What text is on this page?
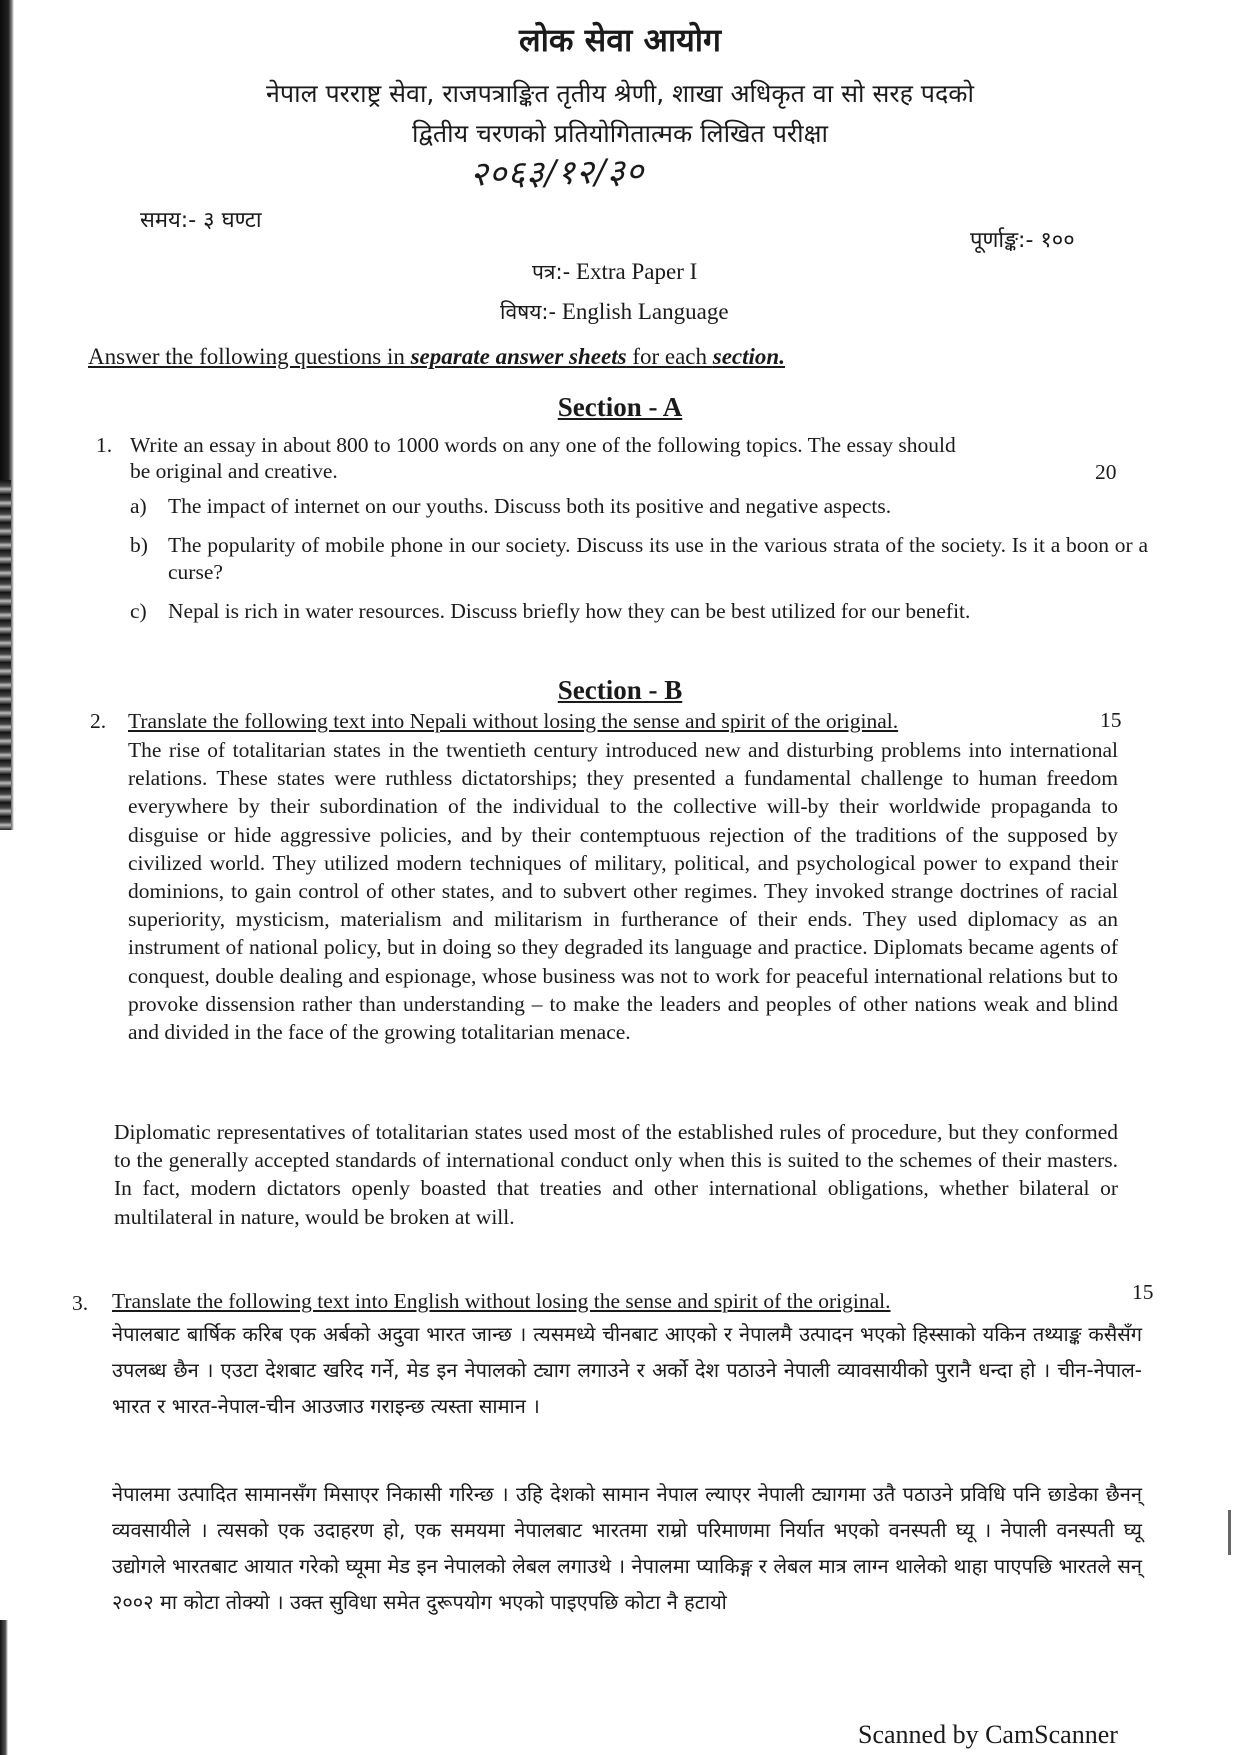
लोक सेवा आयोग
नेपाल परराष्ट्र सेवा, राजपत्राङ्कित तृतीय श्रेणी, शाखा अधिकृत वा सो सरह पदको
द्वितीय चरणको प्रतियोगितात्मक लिखित परीक्षा
२०६३/१२/३०
समय:- ३ घण्टा
पूर्णाङ्क:- १००
पत्र:- Extra Paper I
विषय:- English Language
Answer the following questions in separate answer sheets for each section.
Section - A
1. Write an essay in about 800 to 1000 words on any one of the following topics. The essay should
be original and creative.	20
a) The impact of internet on our youths. Discuss both its positive and negative aspects.
b) The popularity of mobile phone in our society. Discuss its use in the various strata of the society. Is it a boon or a curse?
c) Nepal is rich in water resources. Discuss briefly how they can be best utilized for our benefit.
Section - B
2. Translate the following text into Nepali without losing the sense and spirit of the original.	15
The rise of totalitarian states in the twentieth century introduced new and disturbing problems into international relations. These states were ruthless dictatorships; they presented a fundamental challenge to human freedom everywhere by their subordination of the individual to the collective will-by their worldwide propaganda to disguise or hide aggressive policies, and by their contemptuous rejection of the traditions of the supposed by civilized world. They utilized modern techniques of military, political, and psychological power to expand their dominions, to gain control of other states, and to subvert other regimes. They invoked strange doctrines of racial superiority, mysticism, materialism and militarism in furtherance of their ends. They used diplomacy as an instrument of national policy, but in doing so they degraded its language and practice. Diplomats became agents of conquest, double dealing and espionage, whose business was not to work for peaceful international relations but to provoke dissension rather than understanding – to make the leaders and peoples of other nations weak and blind and divided in the face of the growing totalitarian menace.
Diplomatic representatives of totalitarian states used most of the established rules of procedure, but they conformed to the generally accepted standards of international conduct only when this is suited to the schemes of their masters. In fact, modern dictators openly boasted that treaties and other international obligations, whether bilateral or multilateral in nature, would be broken at will.
3. Translate the following text into English without losing the sense and spirit of the original.	15
नेपालबाट बार्षिक करिब एक अर्बको अदुवा भारत जान्छ । त्यसमध्ये चीनबाट आएको र नेपालमै उत्पादन भएको हिस्साको यकिन तथ्याङ्क कसैसँग उपलब्ध छैन । एउटा देशबाट खरिद गर्ने, मेड इन नेपालको ट्याग लगाउने र अर्को देश पठाउने नेपाली व्यावसायीको पुरानै धन्दा हो । चीन-नेपाल-भारत र भारत-नेपाल-चीन आउजाउ गराइन्छ त्यस्ता सामान ।
नेपालमा उत्पादित सामानसँग मिसाएर निकासी गरिन्छ । उहि देशको सामान नेपाल ल्याएर नेपाली ट्यागमा उतै पठाउने प्रविधि पनि छाडेका छैनन् व्यवसायीले । त्यसको एक उदाहरण हो, एक समयमा नेपालबाट भारतमा राम्रो परिमाणमा निर्यात भएको वनस्पती घ्यू । नेपाली वनस्पती घ्यू उद्योगले भारतबाट आयात गरेको घ्यूमा मेड इन नेपालको लेबल लगाउथे । नेपालमा प्याकिङ्ग र लेबल मात्र लाग्न थालेको थाहा पाएपछि भारतले सन् २००२ मा कोटा तोक्यो । उक्त सुविधा समेत दुरूपयोग भएको पाइएपछि कोटा नै हटायो
Scanned by CamScanner
